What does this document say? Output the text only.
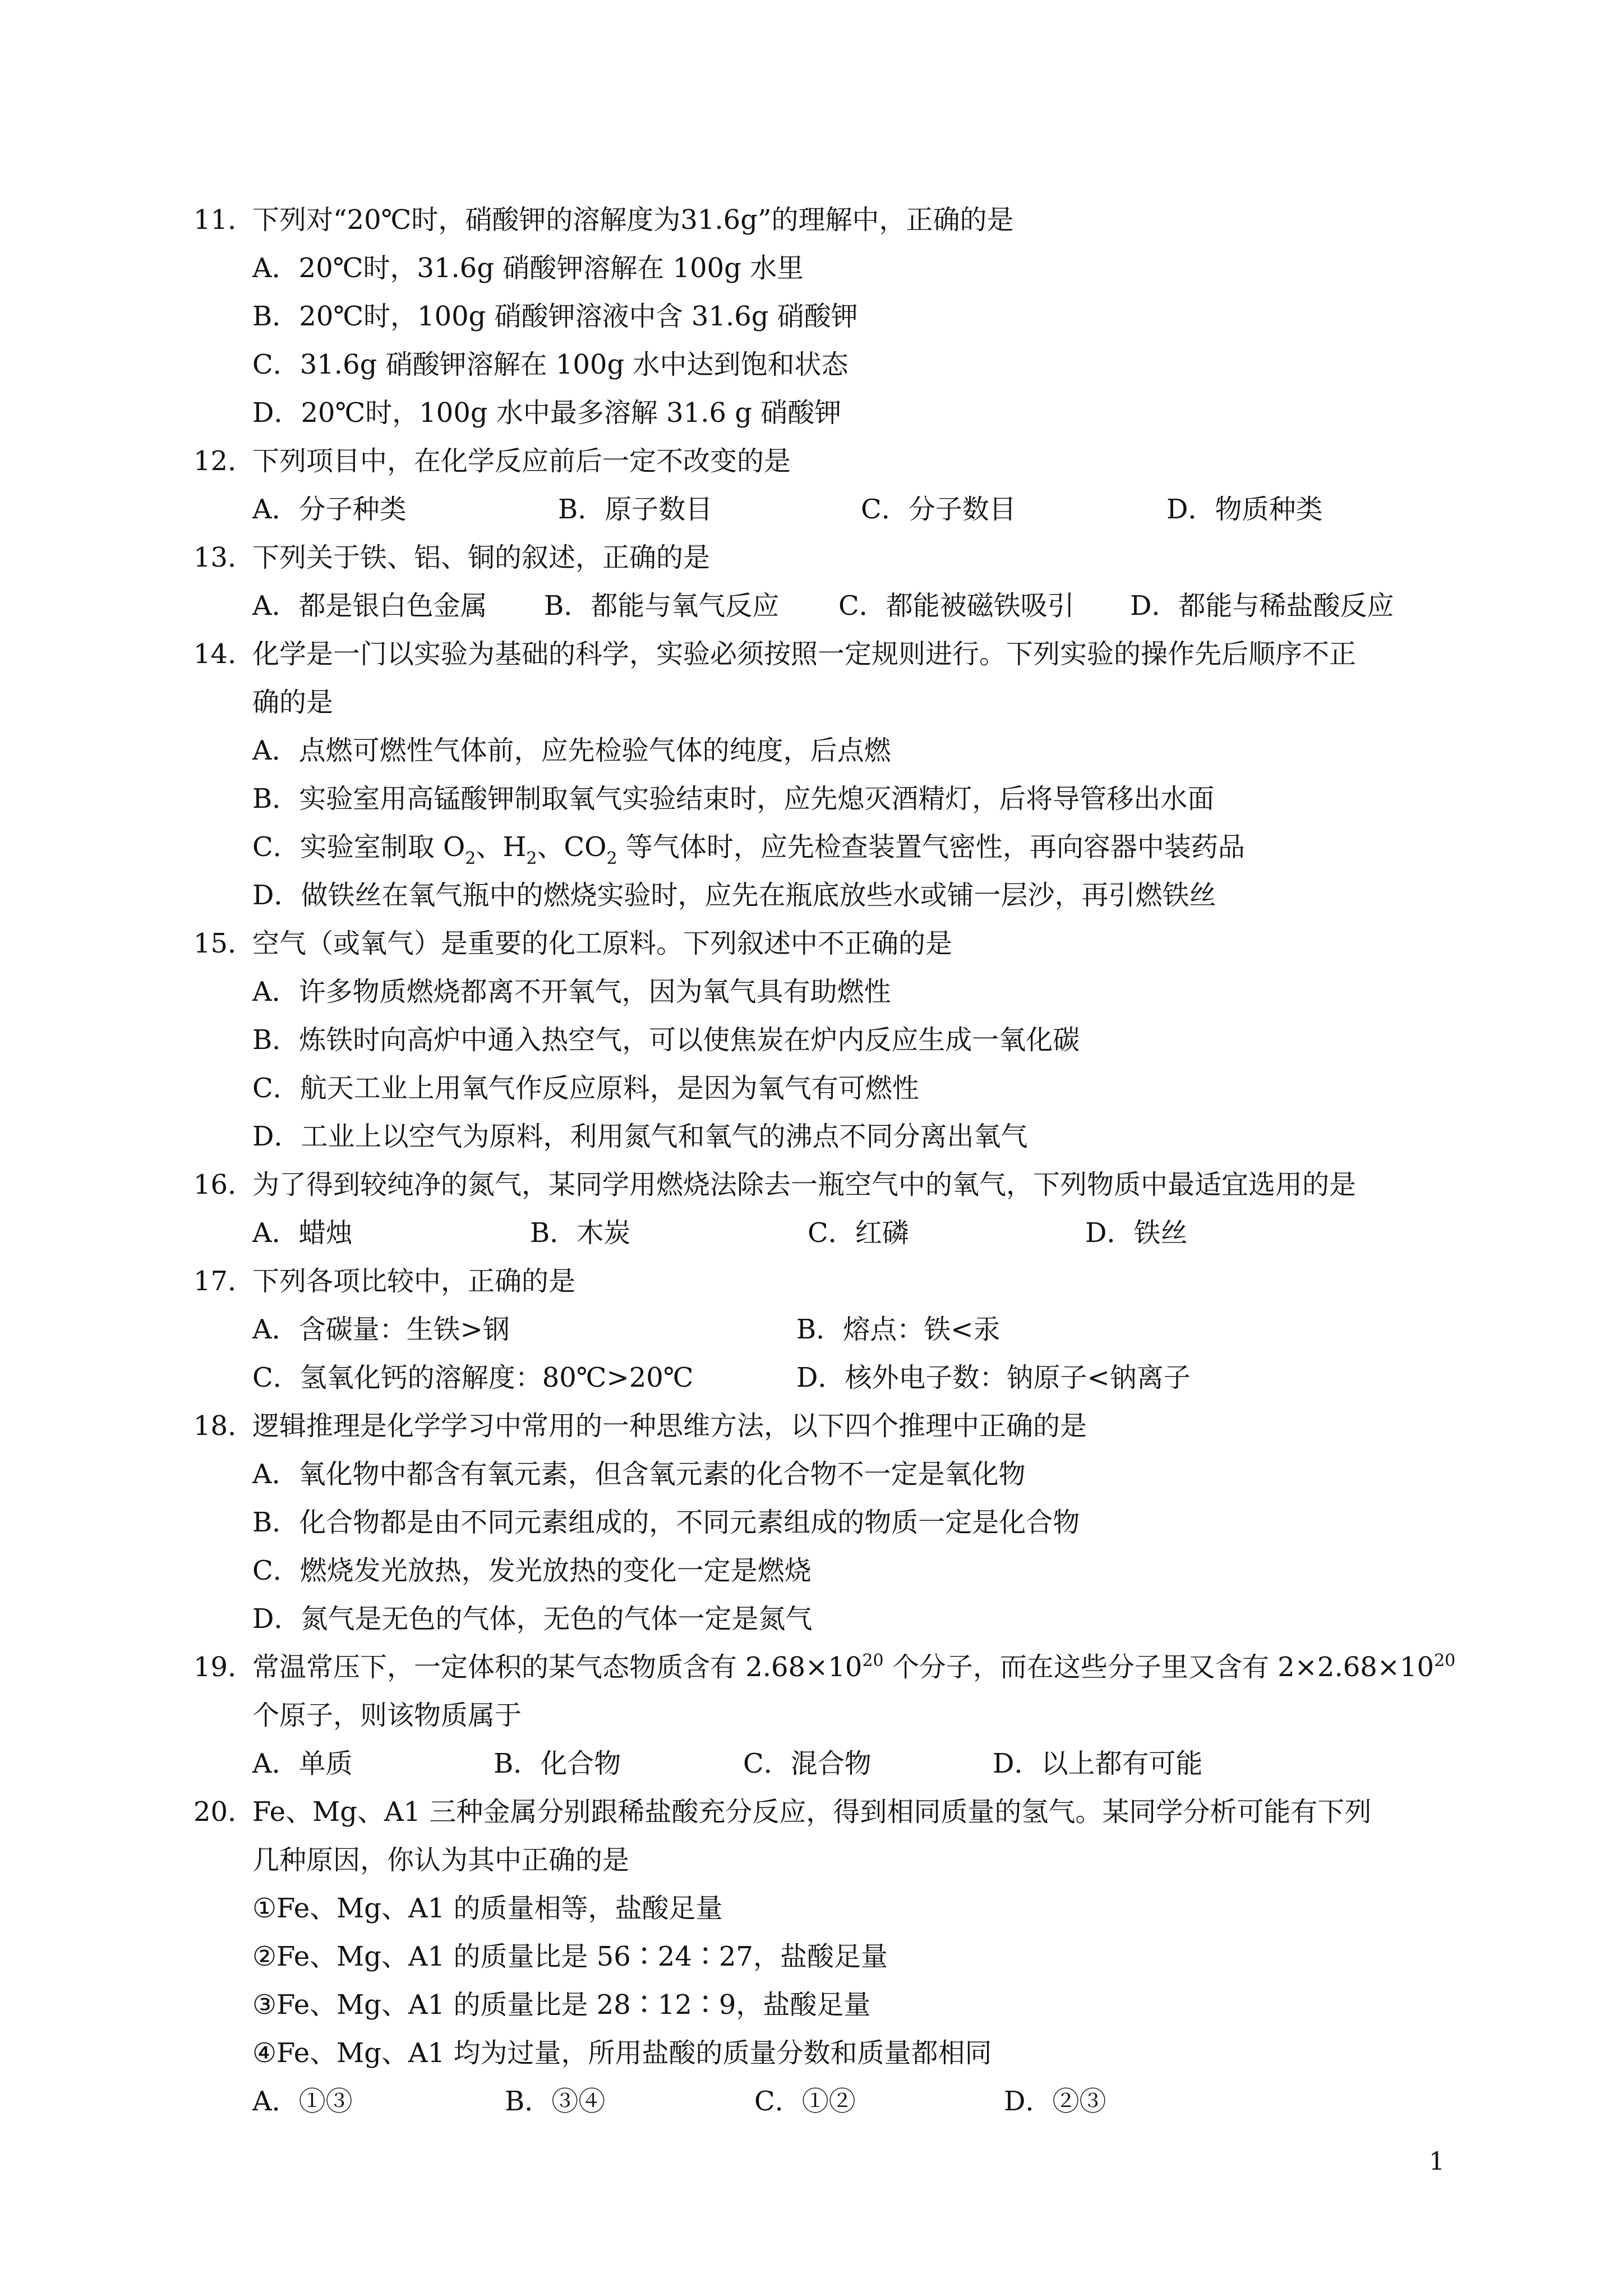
11．
下列对“20℃时，硝酸钾的溶解度为31.6g”的理解中，正确的是
A．20℃时，31.6g 硝酸钾溶解在 100g 水里
B．20℃时，100g 硝酸钾溶液中含 31.6g 硝酸钾
C．31.6g 硝酸钾溶解在 100g 水中达到饱和状态
D．20℃时，100g 水中最多溶解 31.6 g 硝酸钾
12．
下列项目中，在化学反应前后一定不改变的是
A．分子种类	B．原子数目	C．分子数目	D．物质种类
13．
下列关于铁、铝、铜的叙述，正确的是
A．都是银白色金属 B．都能与氧气反应 C．都能被磁铁吸引 D．都能与稀盐酸反应
14．
化学是一门以实验为基础的科学，实验必须按照一定规则进行。下列实验的操作先后顺序不正
确的是
A．点燃可燃性气体前，应先检验气体的纯度，后点燃
B．实验室用高锰酸钾制取氧气实验结束时，应先熄灭酒精灯，后将导管移出水面
C．实验室制取 $O_2$、$H_2$、$CO_2$ 等气体时，应先检查装置气密性，再向容器中装药品
D．做铁丝在氧气瓶中的燃烧实验时，应先在瓶底放些水或铺一层沙，再引燃铁丝
15．
空气（或氧气）是重要的化工原料。下列叙述中不正确的是
A．许多物质燃烧都离不开氧气，因为氧气具有助燃性
B．炼铁时向高炉中通入热空气，可以使焦炭在炉内反应生成一氧化碳
C．航天工业上用氧气作反应原料，是因为氧气有可燃性
D．工业上以空气为原料，利用氮气和氧气的沸点不同分离出氧气
16．
为了得到较纯净的氮气，某同学用燃烧法除去一瓶空气中的氧气，下列物质中最适宜选用的是
A．蜡烛	B．木炭	C．红磷	D．铁丝
17．
下列各项比较中，正确的是
A．含碳量：生铁>钢	B．熔点：铁<汞
C．氢氧化钙的溶解度：80℃>20℃	D．核外电子数：钠原子<钠离子
18．
逻辑推理是化学学习中常用的一种思维方法，以下四个推理中正确的是
A．氧化物中都含有氧元素，但含氧元素的化合物不一定是氧化物
B．化合物都是由不同元素组成的，不同元素组成的物质一定是化合物
C．燃烧发光放热，发光放热的变化一定是燃烧
D．氮气是无色的气体，无色的气体一定是氮气
19．
常温常压下，一定体积的某气态物质含有 $2.68\times 10^{20}$ 个分子，而在这些分子里又含有 $2\times 2.68\times 10^{20}$
个原子，则该物质属于
A．单质	B．化合物	C．混合物	D．以上都有可能
20．
Fe、Mg、A1 三种金属分别跟稀盐酸充分反应，得到相同质量的氢气。某同学分析可能有下列
几种原因，你认为其中正确的是
①Fe、Mg、A1 的质量相等，盐酸足量
②Fe、Mg、A1 的质量比是 56∶24∶27，盐酸足量
③Fe、Mg、A1 的质量比是 28∶12∶9，盐酸足量
④Fe、Mg、A1 均为过量，所用盐酸的质量分数和质量都相同
A．①③	B．③④	C．①②	D．②③
1
